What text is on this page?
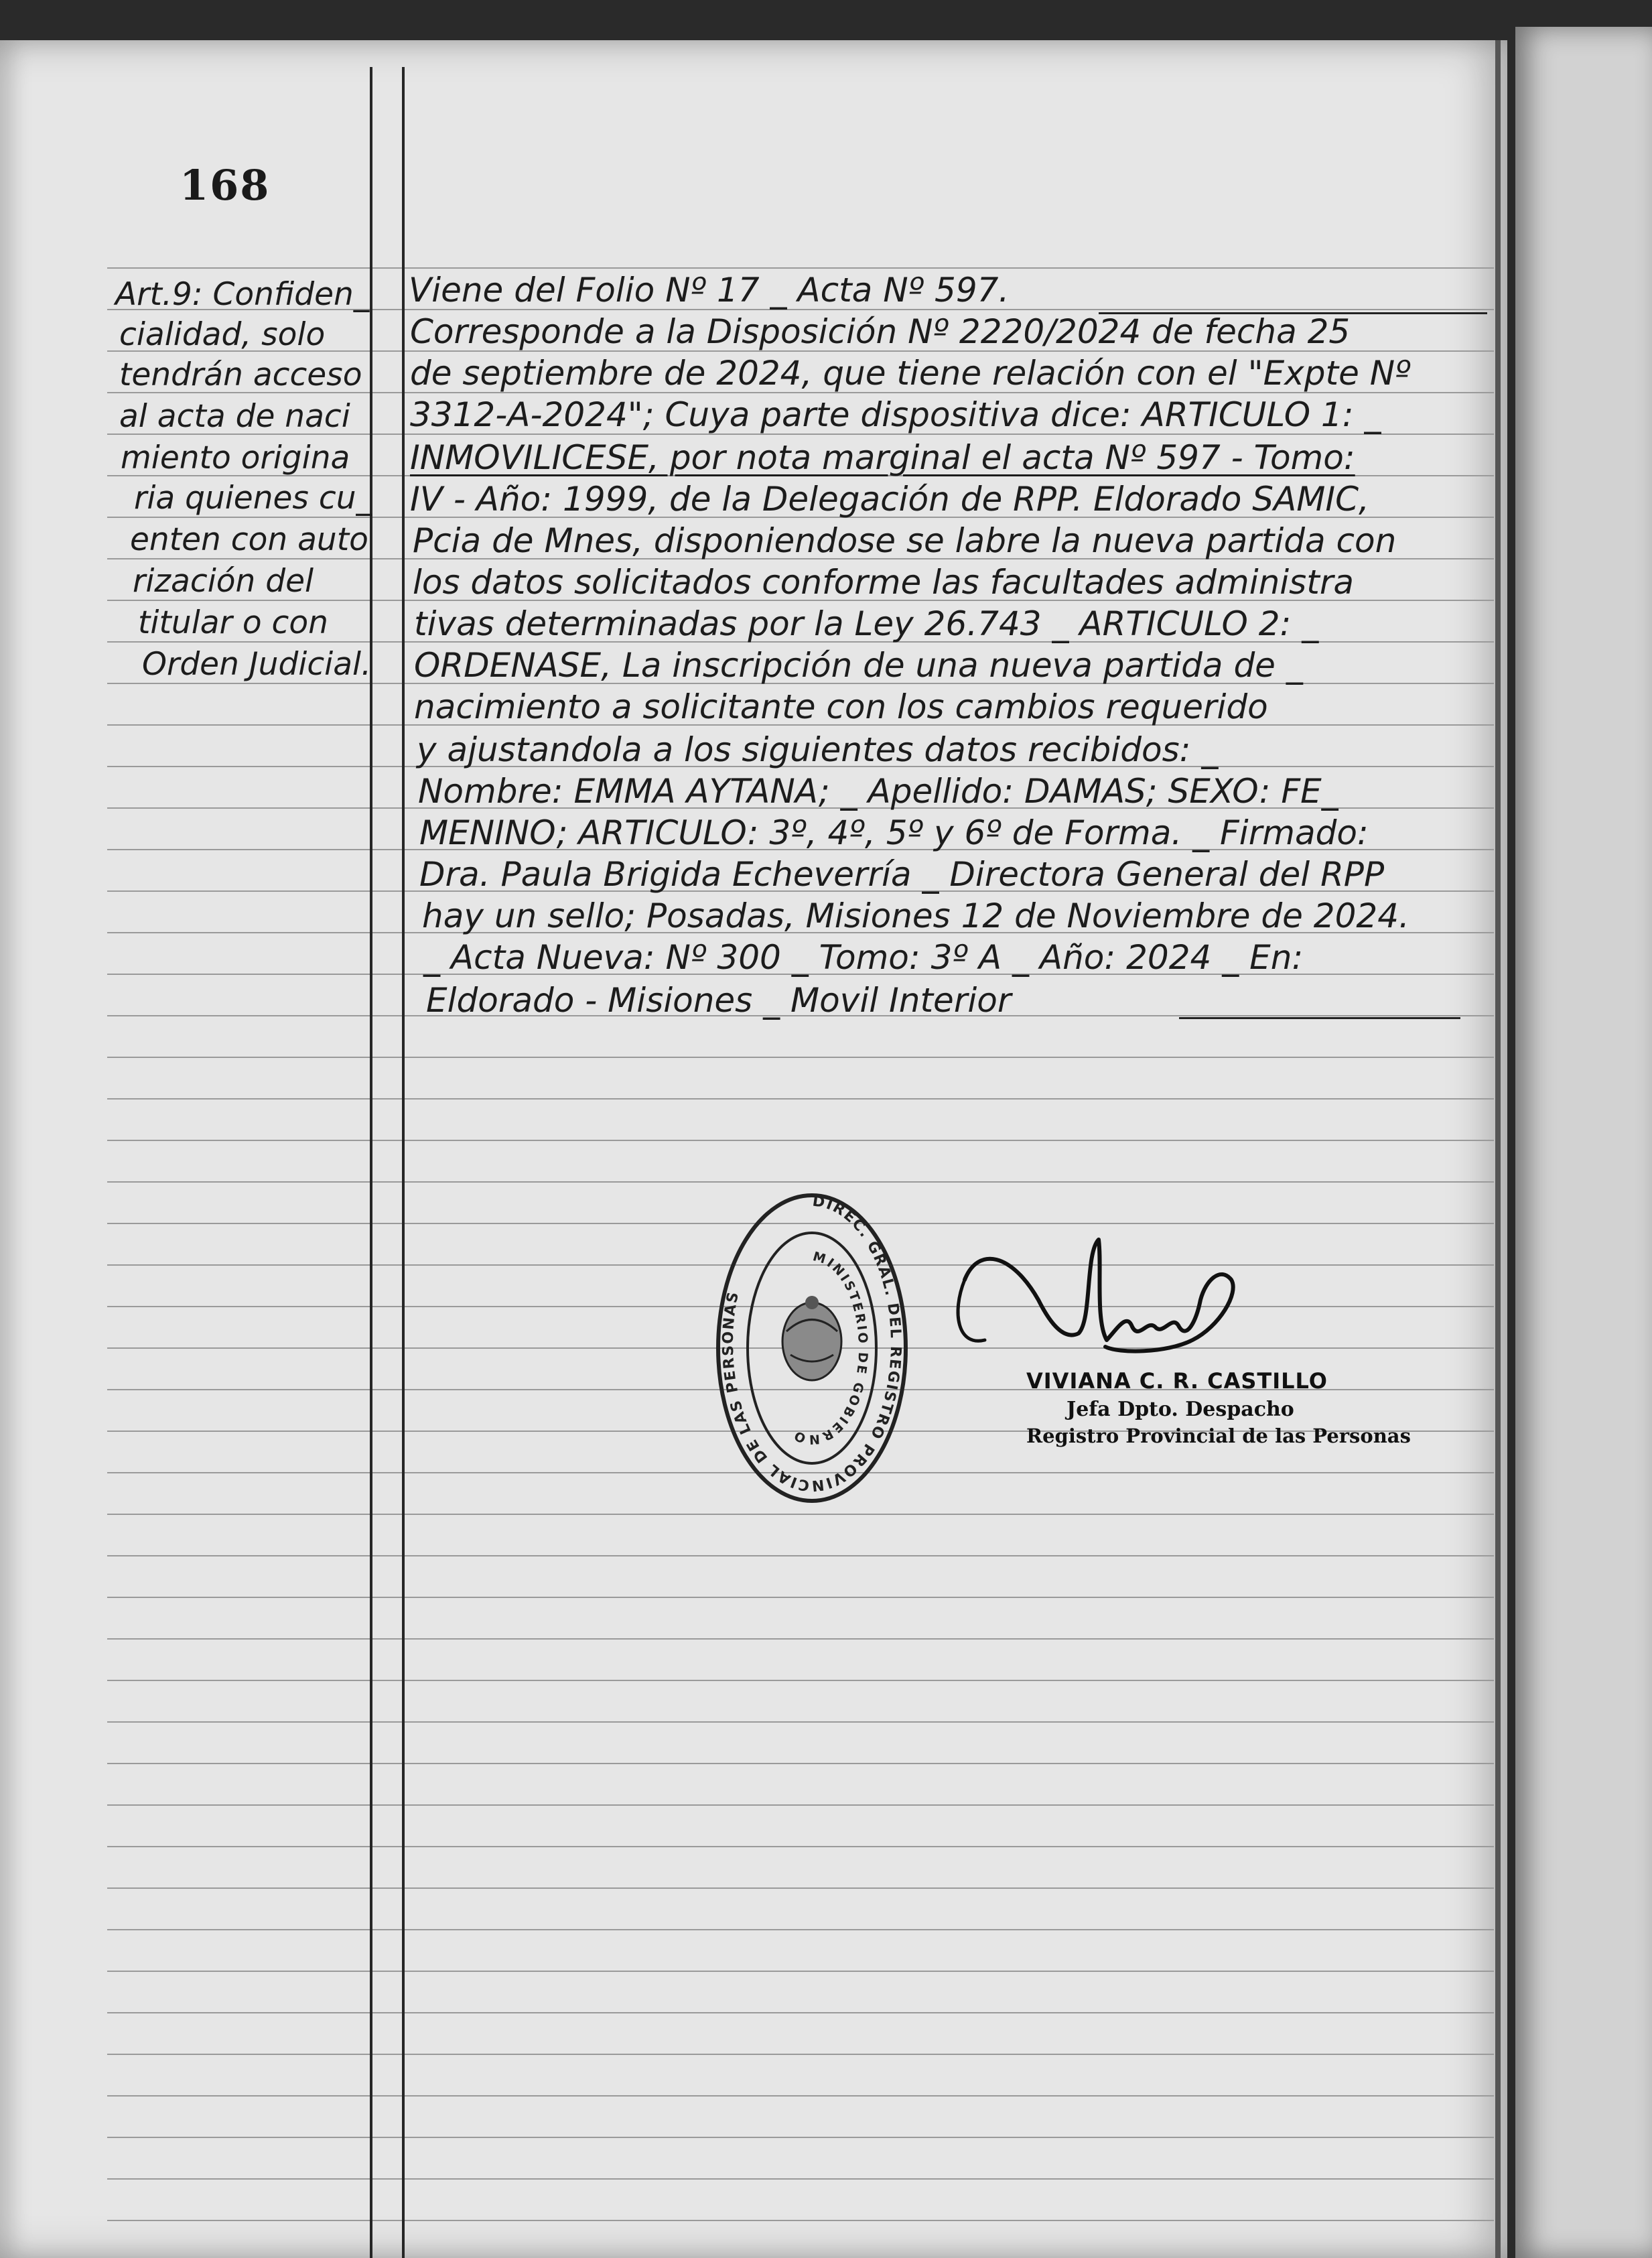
168
Art.9: Confiden_
cialidad, solo
tendrán acceso
al acta de naci
miento origina
ria quienes cu_
enten con auto
rización del
titular o con
Orden Judicial.
Viene del Folio Nº 17 _ Acta Nº 597.
Corresponde a la Disposición Nº 2220/2024 de fecha 25
de septiembre de 2024, que tiene relación con el "Expte Nº
3312-A-2024"; Cuya parte dispositiva dice: ARTICULO 1: _
INMOVILICESE, por nota marginal el acta Nº 597 - Tomo:
IV - Año: 1999, de la Delegación de RPP. Eldorado SAMIC,
Pcia de Mnes, disponiendose se labre la nueva partida con
los datos solicitados conforme las facultades administra
tivas determinadas por la Ley 26.743 _ ARTICULO 2: _
ORDENASE, La inscripción de una nueva partida de _
nacimiento a solicitante con los cambios requerido
y ajustandola a los siguientes datos recibidos: _
Nombre: EMMA AYTANA; _ Apellido: DAMAS; SEXO: FE_
MENINO; ARTICULO: 3º, 4º, 5º y 6º de Forma. _ Firmado:
Dra. Paula Brigida Echeverría _ Directora General del RPP
hay un sello; Posadas, Misiones 12 de Noviembre de 2024.
_ Acta Nueva: Nº 300 _ Tomo: 3º A _ Año: 2024 _ En:
Eldorado - Misiones _ Movil Interior
DIREC. GRAL. DEL REGISTRO PROVINCIAL DE LAS PERSONAS
MINISTERIO DE GOBIERNO
VIVIANA C. R. CASTILLO
Jefa Dpto. Despacho
Registro Provincial de las Personas
